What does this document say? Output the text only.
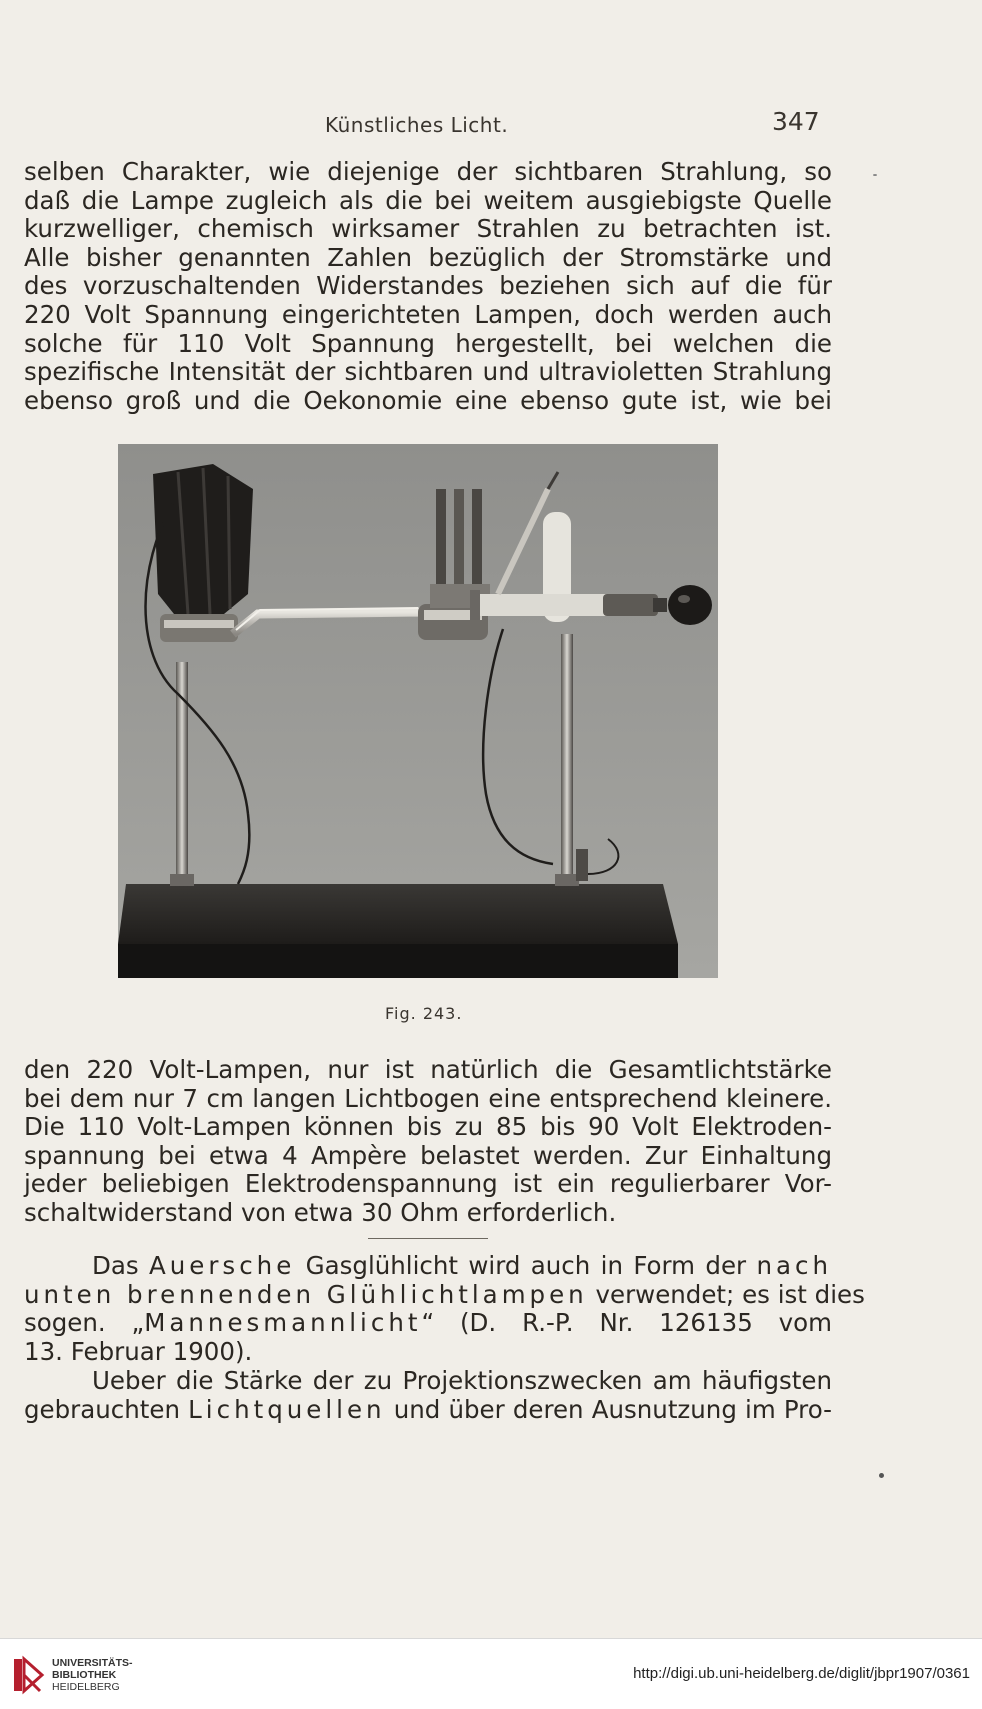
Künstliches Licht.	347
selben Charakter, wie diejenige der sichtbaren Strahlung, so
daß die Lampe zugleich als die bei weitem ausgiebigste Quelle
kurzwelliger, chemisch wirksamer Strahlen zu betrachten ist.
Alle bisher genannten Zahlen bezüglich der Stromstärke und
des vorzuschaltenden Widerstandes beziehen sich auf die für
220 Volt Spannung eingerichteten Lampen, doch werden auch
solche für 110 Volt Spannung hergestellt, bei welchen die
spezifische Intensität der sichtbaren und ultravioletten Strahlung
ebenso groß und die Oekonomie eine ebenso gute ist, wie bei
Fig. 243.
den 220 Volt-Lampen, nur ist natürlich die Gesamtlichtstärke
bei dem nur 7 cm langen Lichtbogen eine entsprechend kleinere.
Die 110 Volt-Lampen können bis zu 85 bis 90 Volt Elektroden-
spannung bei etwa 4 Ampère belastet werden. Zur Einhaltung
jeder beliebigen Elektrodenspannung ist ein regulierbarer Vor-
schaltwiderstand von etwa 30 Ohm erforderlich.
Das Auersche Gasglühlicht wird auch in Form der nach
unten brennenden Glühlichtlampen verwendet; es ist dies
sogen. „Mannesmannlicht“ (D. R.-P. Nr. 126135 vom
13. Februar 1900).
Ueber die Stärke der zu Projektionszwecken am häufigsten
gebrauchten Lichtquellen und über deren Ausnutzung im Pro-
UNIVERSITÄTS-
BIBLIOTHEK
HEIDELBERG
http://digi.ub.uni-heidelberg.de/diglit/jbpr1907/0361
